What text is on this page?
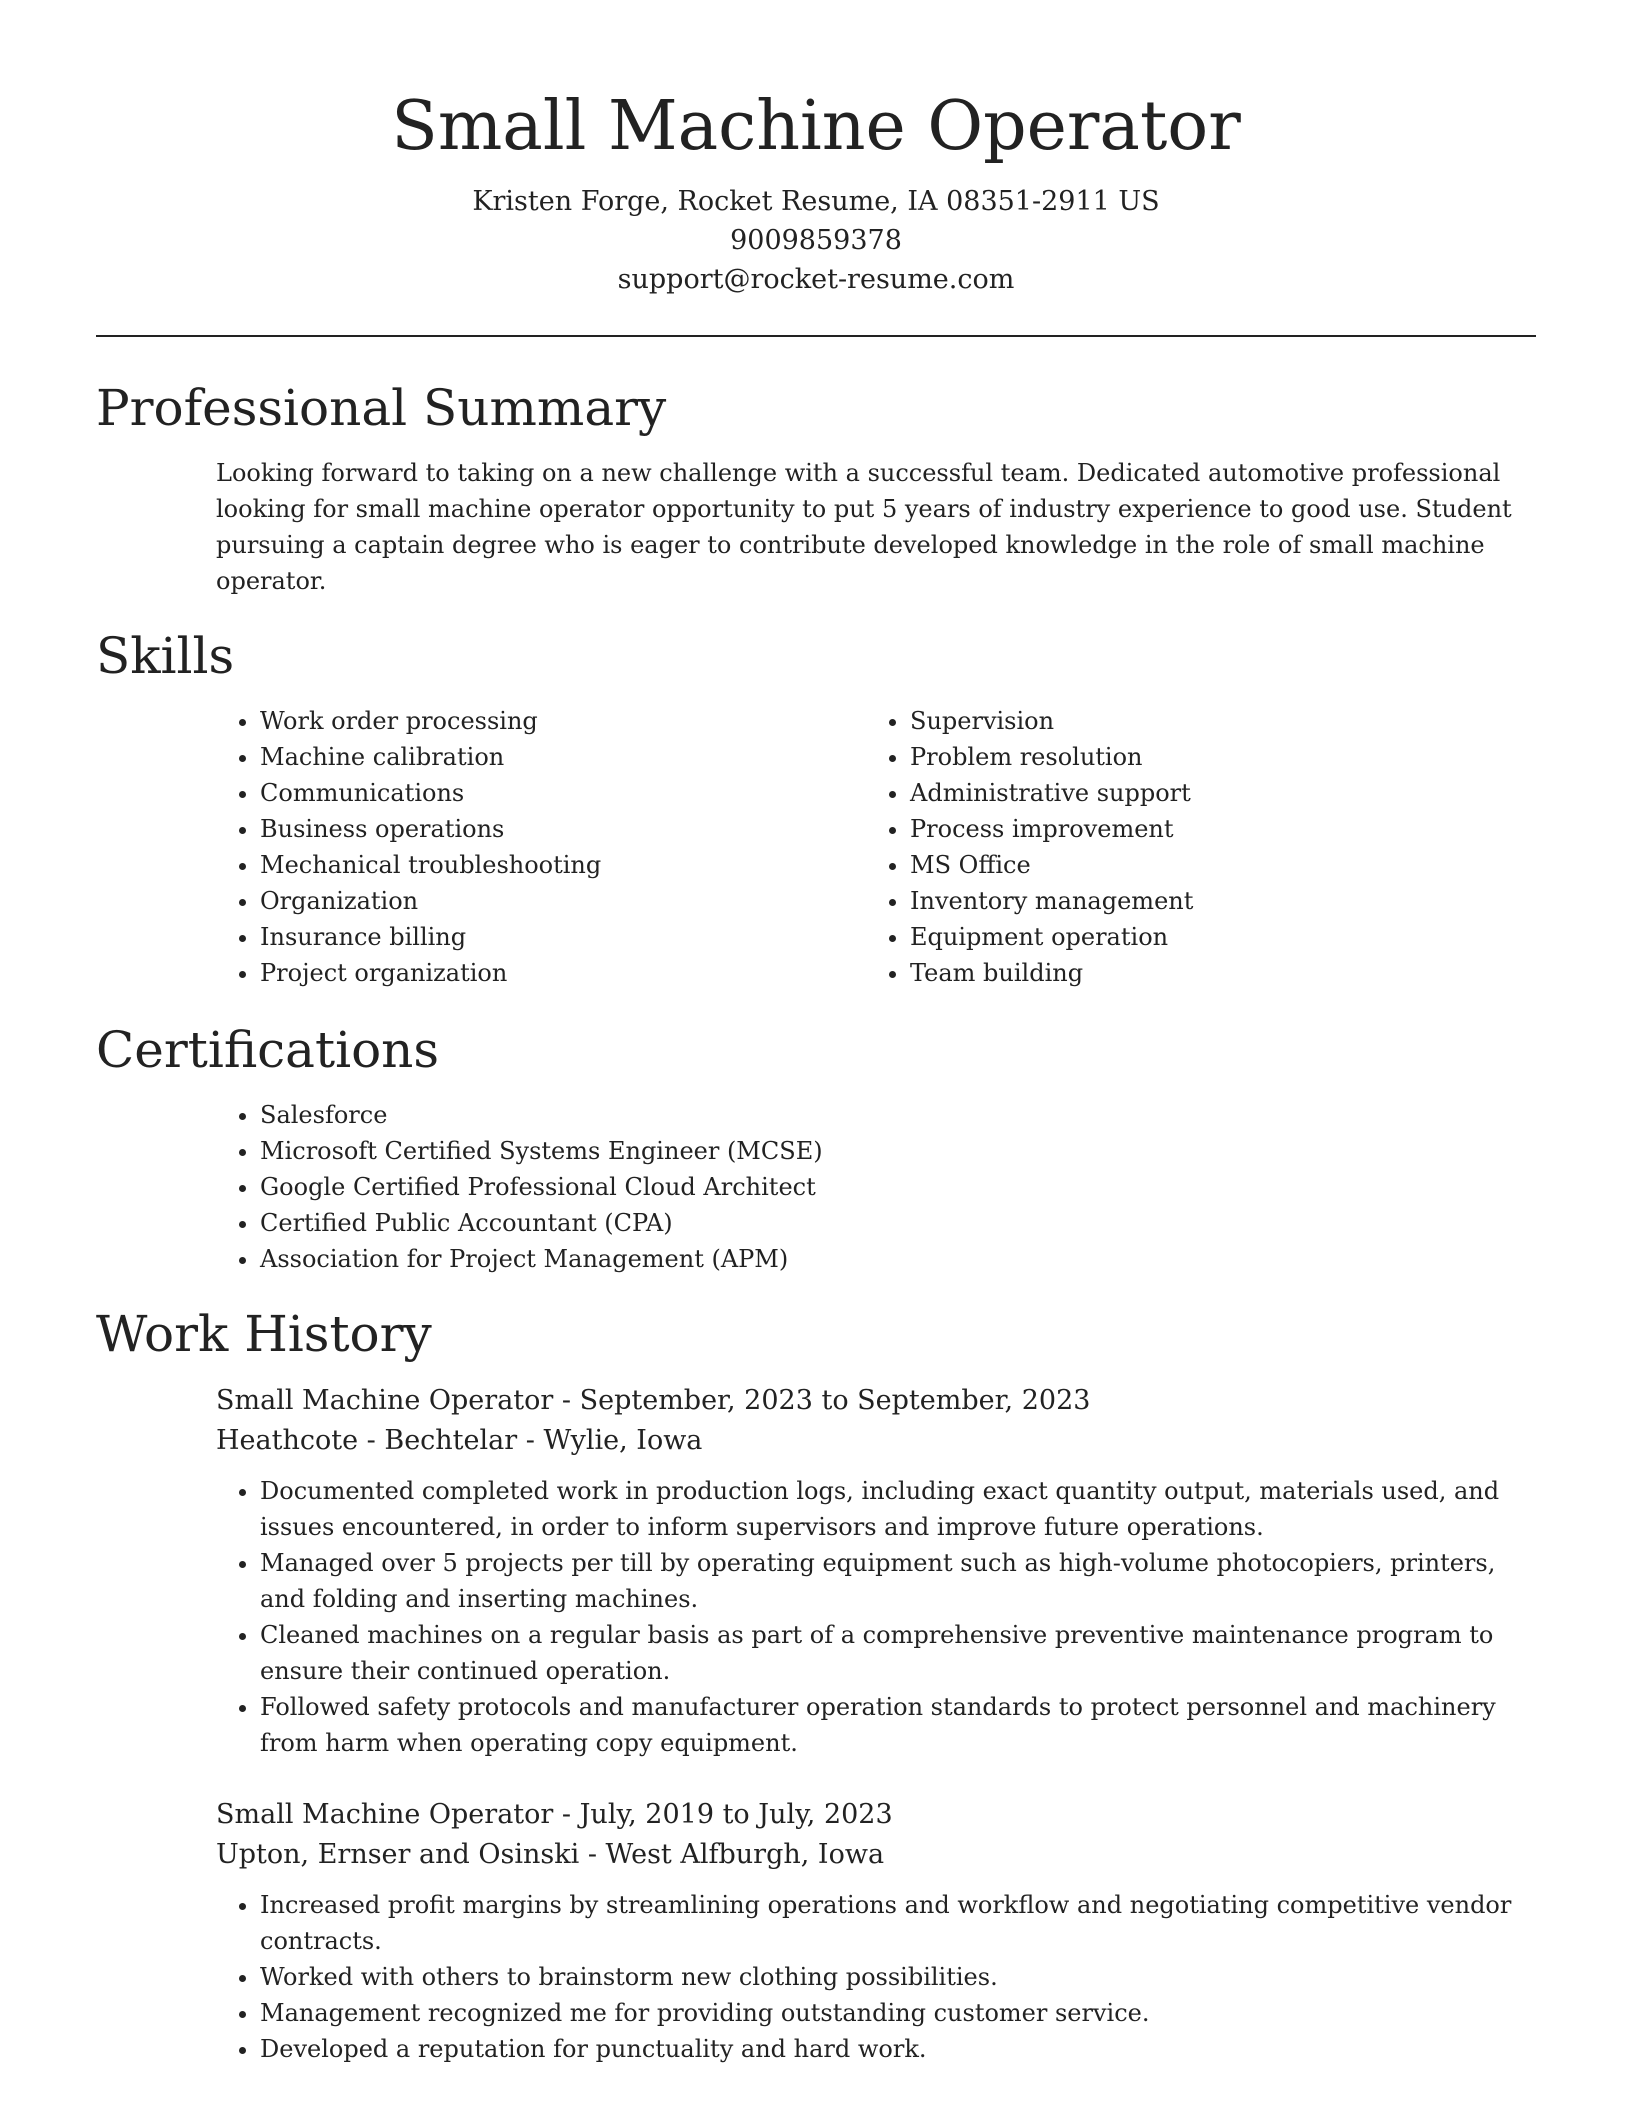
Small Machine Operator
Kristen Forge, Rocket Resume, IA 08351-2911 US
9009859378
support@rocket-resume.com
Professional Summary

Looking forward to taking on a new challenge with a successful team. Dedicated automotive professional looking for small machine operator opportunity to put 5 years of industry experience to good use. Student pursuing a captain degree who is eager to contribute developed knowledge in the role of small machine operator.

Skills
• Work order processing
• Machine calibration
• Communications
• Business operations
• Mechanical troubleshooting
• Organization
• Insurance billing
• Project organization
• Supervision
• Problem resolution
• Administrative support
• Process improvement
• MS Office
• Inventory management
• Equipment operation
• Team building
Certifications
• Salesforce
• Microsoft Certified Systems Engineer (MCSE)
• Google Certified Professional Cloud Architect
• Certified Public Accountant (CPA)
• Association for Project Management (APM)
Work History
Small Machine Operator - September, 2023 to September, 2023
Heathcote - Bechtelar - Wylie, Iowa
• Documented completed work in production logs, including exact quantity output, materials used, and issues encountered, in order to inform supervisors and improve future operations.
• Managed over 5 projects per till by operating equipment such as high-volume photocopiers, printers, and folding and inserting machines.
• Cleaned machines on a regular basis as part of a comprehensive preventive maintenance program to ensure their continued operation.
• Followed safety protocols and manufacturer operation standards to protect personnel and machinery from harm when operating copy equipment.
Small Machine Operator - July, 2019 to July, 2023
Upton, Ernser and Osinski - West Alfburgh, Iowa
• Increased profit margins by streamlining operations and workflow and negotiating competitive vendor contracts.
• Worked with others to brainstorm new clothing possibilities.
• Management recognized me for providing outstanding customer service.
• Developed a reputation for punctuality and hard work.
